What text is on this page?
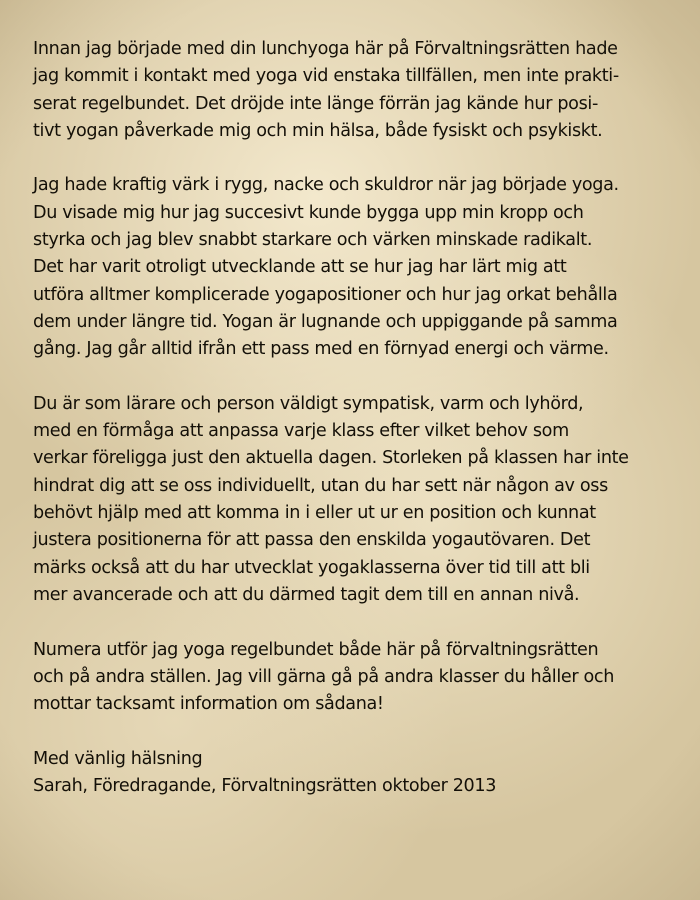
Innan jag började med din lunchyoga här på Förvaltningsrätten hade
jag kommit i kontakt med yoga vid enstaka tillfällen, men inte prakti-
serat regelbundet. Det dröjde inte länge förrän jag kände hur posi-
tivt yogan påverkade mig och min hälsa, både fysiskt och psykiskt.

Jag hade kraftig värk i rygg, nacke och skuldror när jag började yoga.
Du visade mig hur jag succesivt kunde bygga upp min kropp och
styrka och jag blev snabbt starkare och värken minskade radikalt.
Det har varit otroligt utvecklande att se hur jag har lärt mig att
utföra alltmer komplicerade yogapositioner och hur jag orkat behålla
dem under längre tid. Yogan är lugnande och uppiggande på samma
gång. Jag går alltid ifrån ett pass med en förnyad energi och värme.

Du är som lärare och person väldigt sympatisk, varm och lyhörd,
med en förmåga att anpassa varje klass efter vilket behov som
verkar föreligga just den aktuella dagen. Storleken på klassen har inte
hindrat dig att se oss individuellt, utan du har sett när någon av oss
behövt hjälp med att komma in i eller ut ur en position och kunnat
justera positionerna för att passa den enskilda yogautövaren. Det
märks också att du har utvecklat yogaklasserna över tid till att bli
mer avancerade och att du därmed tagit dem till en annan nivå.

Numera utför jag yoga regelbundet både här på förvaltningsrätten
och på andra ställen. Jag vill gärna gå på andra klasser du håller och
mottar tacksamt information om sådana!

Med vänlig hälsning
Sarah, Föredragande, Förvaltningsrätten oktober 2013
